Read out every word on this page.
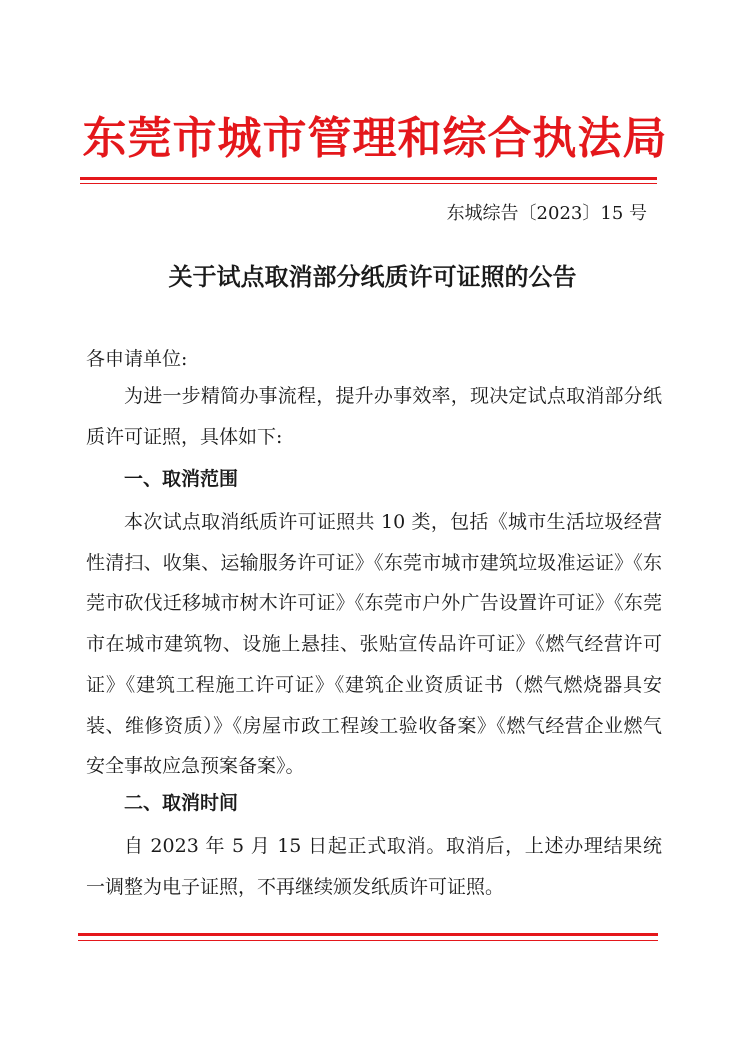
东莞市城市管理和综合执法局
东城综告〔2023〕15 号
关于试点取消部分纸质许可证照的公告
各申请单位:
为进一步精简办事流程，提升办事效率，现决定试点取消部分纸质许可证照，具体如下:
一、取消范围
本次试点取消纸质许可证照共 10 类，包括《城市生活垃圾经营性清扫、收集、运输服务许可证》《东莞市城市建筑垃圾准运证》《东莞市砍伐迁移城市树木许可证》《东莞市户外广告设置许可证》《东莞市在城市建筑物、设施上悬挂、张贴宣传品许可证》《燃气经营许可证》《建筑工程施工许可证》《建筑企业资质证书（燃气燃烧器具安装、维修资质）》《房屋市政工程竣工验收备案》《燃气经营企业燃气安全事故应急预案备案》。
二、取消时间
自 2023 年 5 月 15 日起正式取消。取消后，上述办理结果统一调整为电子证照，不再继续颁发纸质许可证照。
